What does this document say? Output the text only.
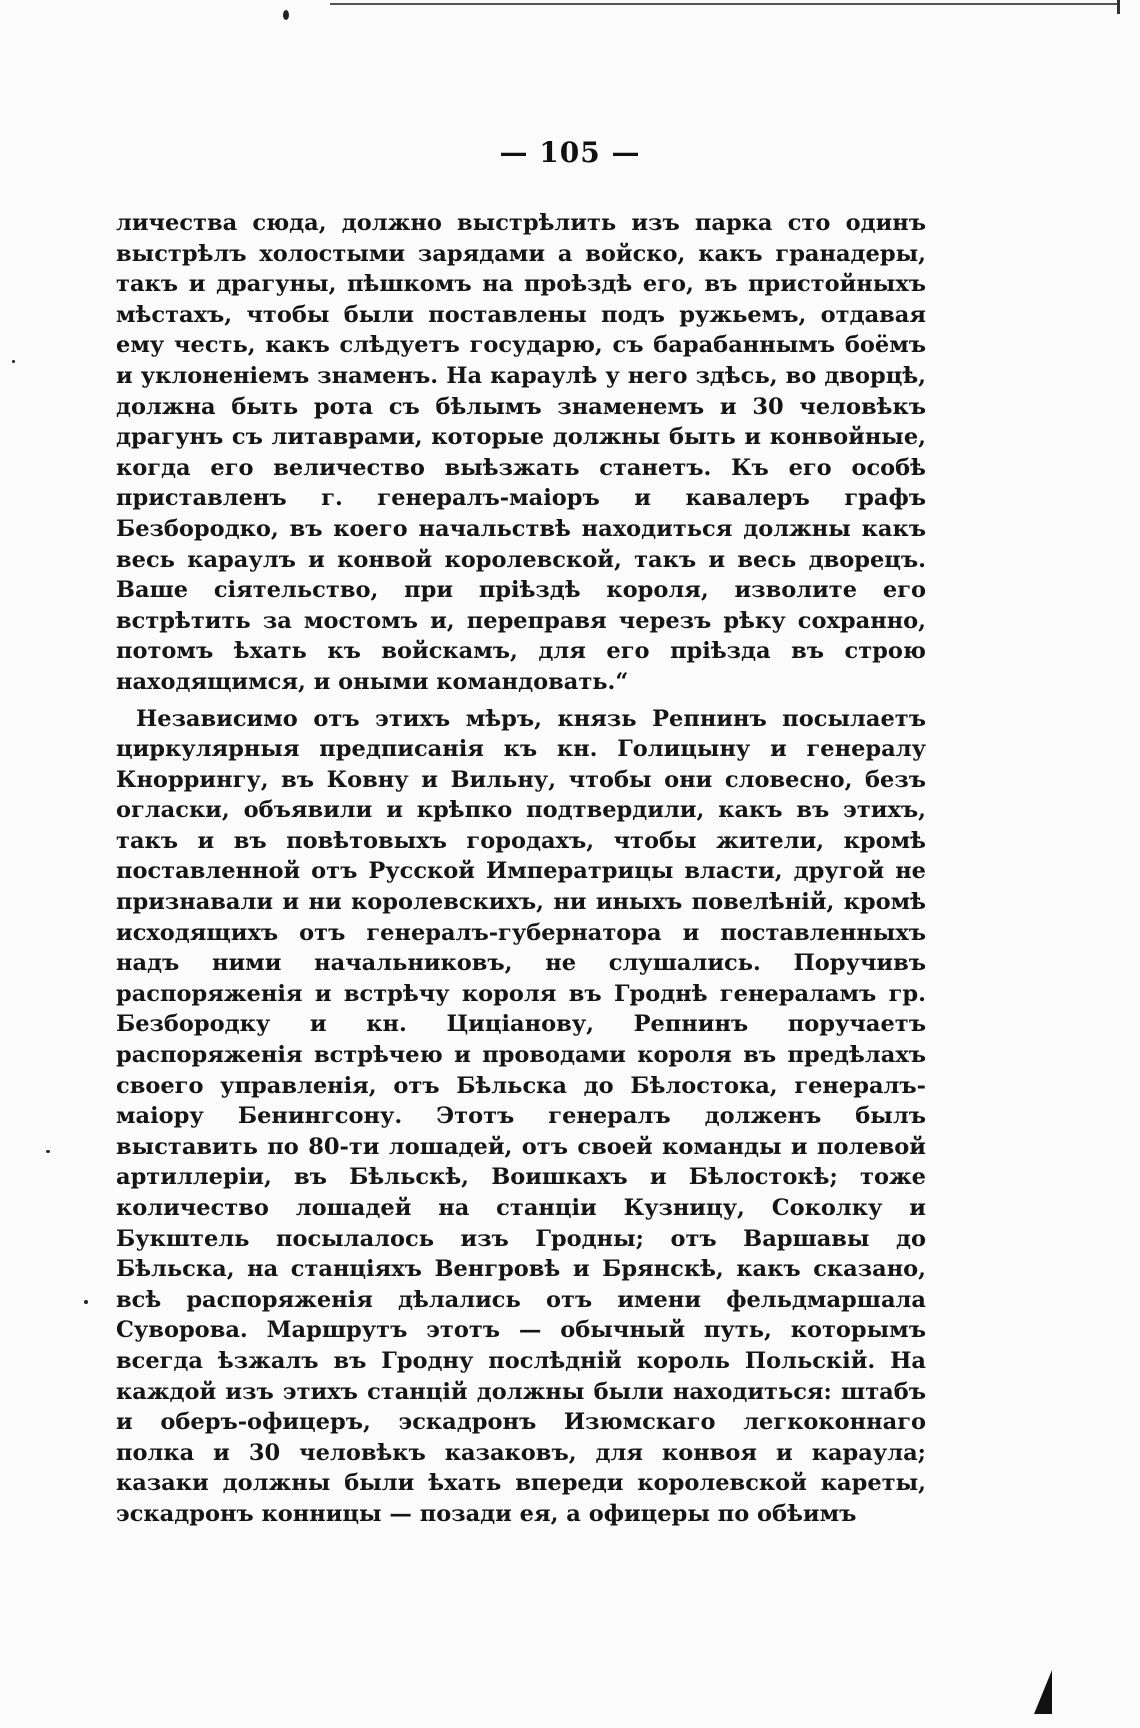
— 105 —

личества сюда, должно выстрѣлить изъ парка сто одинъ выстрѣлъ холостыми зарядами а войско, какъ гранадеры, такъ и драгуны, пѣшкомъ на проѣздѣ его, въ пристойныхъ мѣстахъ, чтобы были поставлены подъ ружьемъ, отдавая ему честь, какъ слѣдуетъ государю, съ барабаннымъ боёмъ и уклоненіемъ знаменъ. На караулѣ у него здѣсь, во дворцѣ, должна быть рота съ бѣлымъ знаменемъ и 30 человѣкъ драгунъ съ литаврами, которые должны быть и конвойные, когда его величество выѣзжать станетъ. Къ его особѣ приставленъ г. генералъ-маіоръ и кавалеръ графъ Безбородко, въ коего начальствѣ находиться должны какъ весь караулъ и конвой королевской, такъ и весь дворецъ. Ваше сіятельство, при пріѣздѣ короля, изволите его встрѣтить за мостомъ и, переправя черезъ рѣку сохранно, потомъ ѣхать къ войскамъ, для его пріѣзда въ строю находящимся, и оными командовать.“

Независимо отъ этихъ мѣръ, князь Репнинъ посылаетъ циркулярныя предписанія къ кн. Голицыну и генералу Кноррингу, въ Ковну и Вильну, чтобы они словесно, безъ огласки, объявили и крѣпко подтвердили, какъ въ этихъ, такъ и въ повѣтовыхъ городахъ, чтобы жители, кромѣ поставленной отъ Русской Императрицы власти, другой не признавали и ни королевскихъ, ни иныхъ повелѣній, кромѣ исходящихъ отъ генералъ-губернатора и поставленныхъ надъ ними начальниковъ, не слушались. Поручивъ распоряженія и встрѣчу короля въ Гроднѣ генераламъ гр. Безбородку и кн. Цицiанову, Репнинъ поручаетъ распоряженія встрѣчею и проводами короля въ предѣлахъ своего управленія, отъ Бѣльска до Бѣлостока, генералъ-маіору Бенингсону. Этотъ генералъ долженъ былъ выставить по 80-ти лошадей, отъ своей команды и полевой артиллеріи, въ Бѣльскѣ, Воишкахъ и Бѣлостокѣ; тоже количество лошадей на станціи Кузницу, Соколку и Букштель посылалось изъ Гродны; отъ Варшавы до Бѣльска, на станціяхъ Венгровѣ и Брянскѣ, какъ сказано, всѣ распоряженія дѣлались отъ имени фельдмаршала Суворова. Маршрутъ этотъ — обычный путь, которымъ всегда ѣзжалъ въ Гродну послѣдній король Польскій. На каждой изъ этихъ станцій должны были находиться: штабъ и оберъ-офицеръ, эскадронъ Изюмскаго легкоконнаго полка и 30 человѣкъ казаковъ, для конвоя и караула; казаки должны были ѣхать впереди королевской кареты, эскадронъ конницы — позади ея, а офицеры по обѣимъ
